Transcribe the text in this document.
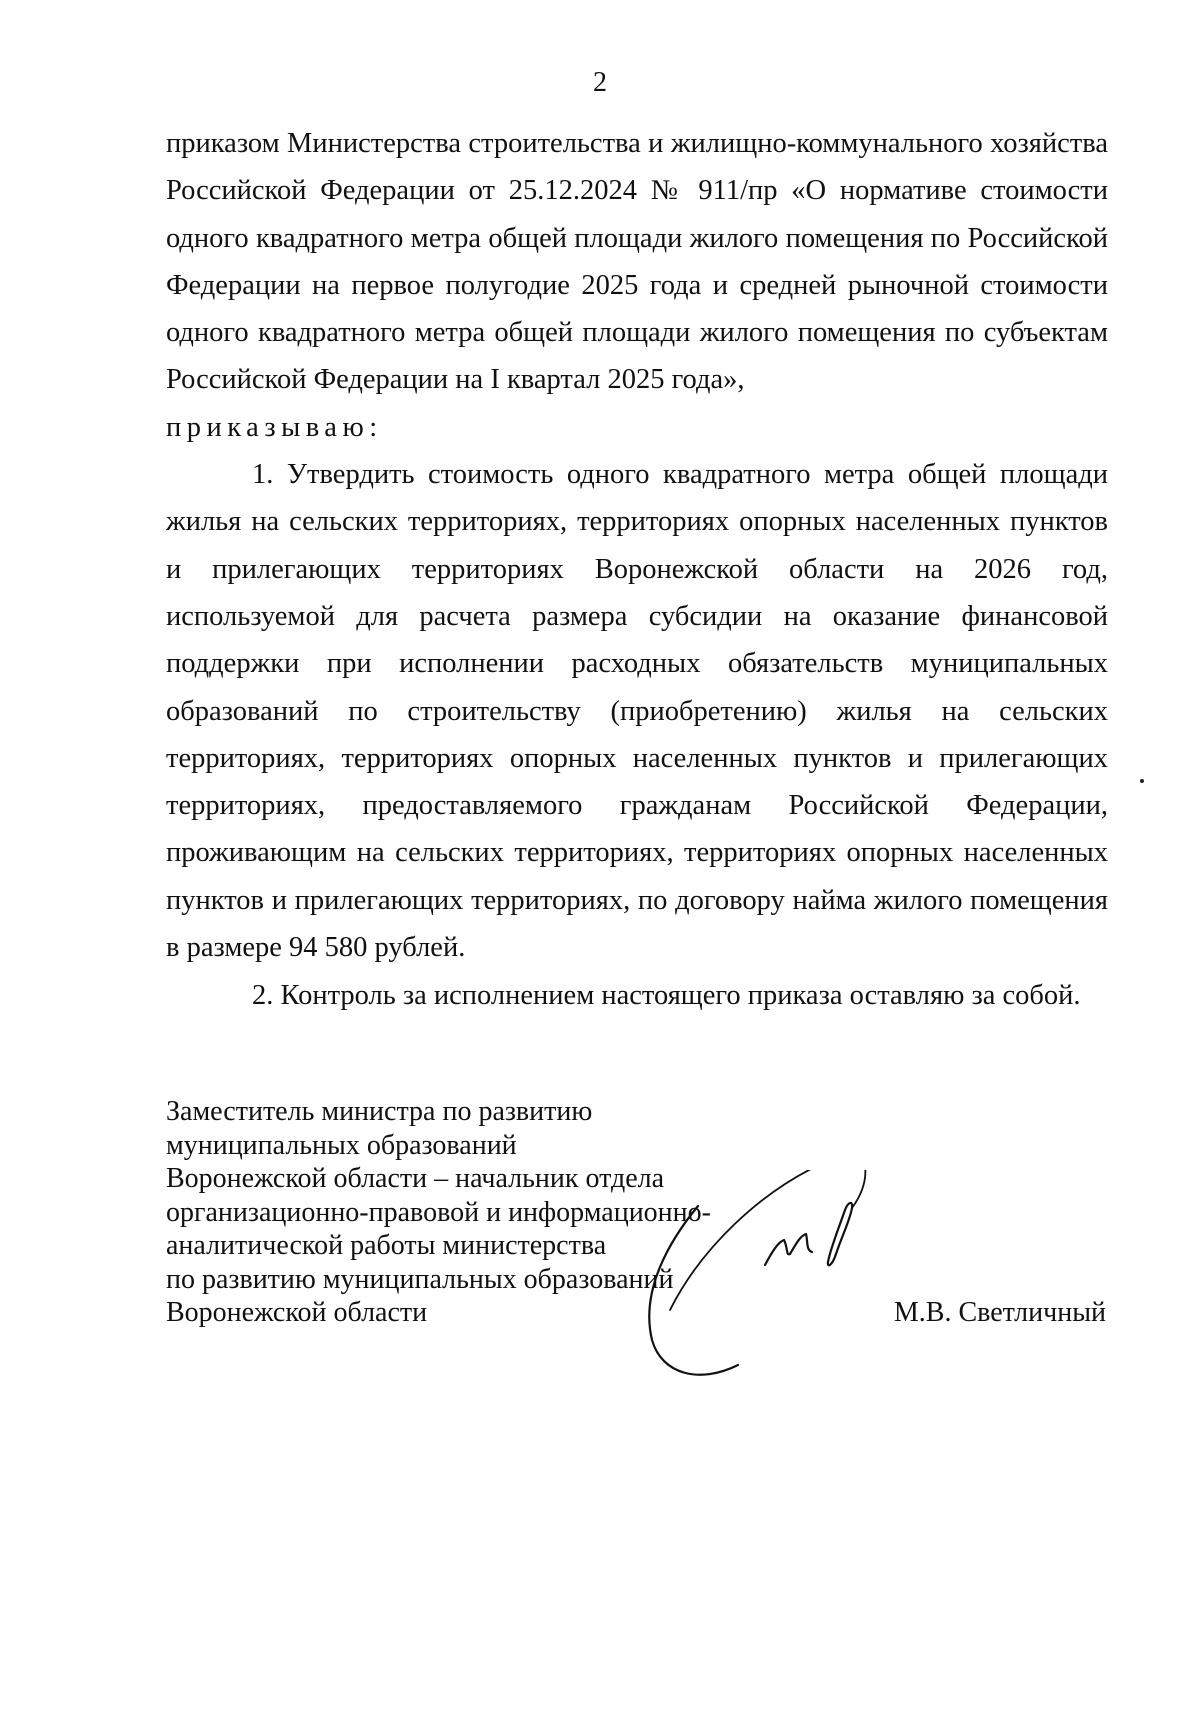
2

приказом Министерства строительства и жилищно-коммунального хозяйства Российской Федерации от 25.12.2024 № 911/пр «О нормативе стоимости одного квадратного метра общей площади жилого помещения по Российской Федерации на первое полугодие 2025 года и средней рыночной стоимости одного квадратного метра общей площади жилого помещения по субъектам Российской Федерации на I квартал 2025 года»,

приказываю:

1. Утвердить стоимость одного квадратного метра общей площади жилья на сельских территориях, территориях опорных населенных пунктов и прилегающих территориях Воронежской области на 2026 год, используемой для расчета размера субсидии на оказание финансовой поддержки при исполнении расходных обязательств муниципальных образований по строительству (приобретению) жилья на сельских территориях, территориях опорных населенных пунктов и прилегающих территориях, предоставляемого гражданам Российской Федерации, проживающим на сельских территориях, территориях опорных населенных пунктов и прилегающих территориях, по договору найма жилого помещения в размере 94 580 рублей.

2. Контроль за исполнением настоящего приказа оставляю за собой.

Заместитель министра по развитию
муниципальных образований
Воронежской области – начальник отдела
организационно-правовой и информационно-
аналитической работы министерства
по развитию муниципальных образований
Воронежской области	М.В. Светличный
